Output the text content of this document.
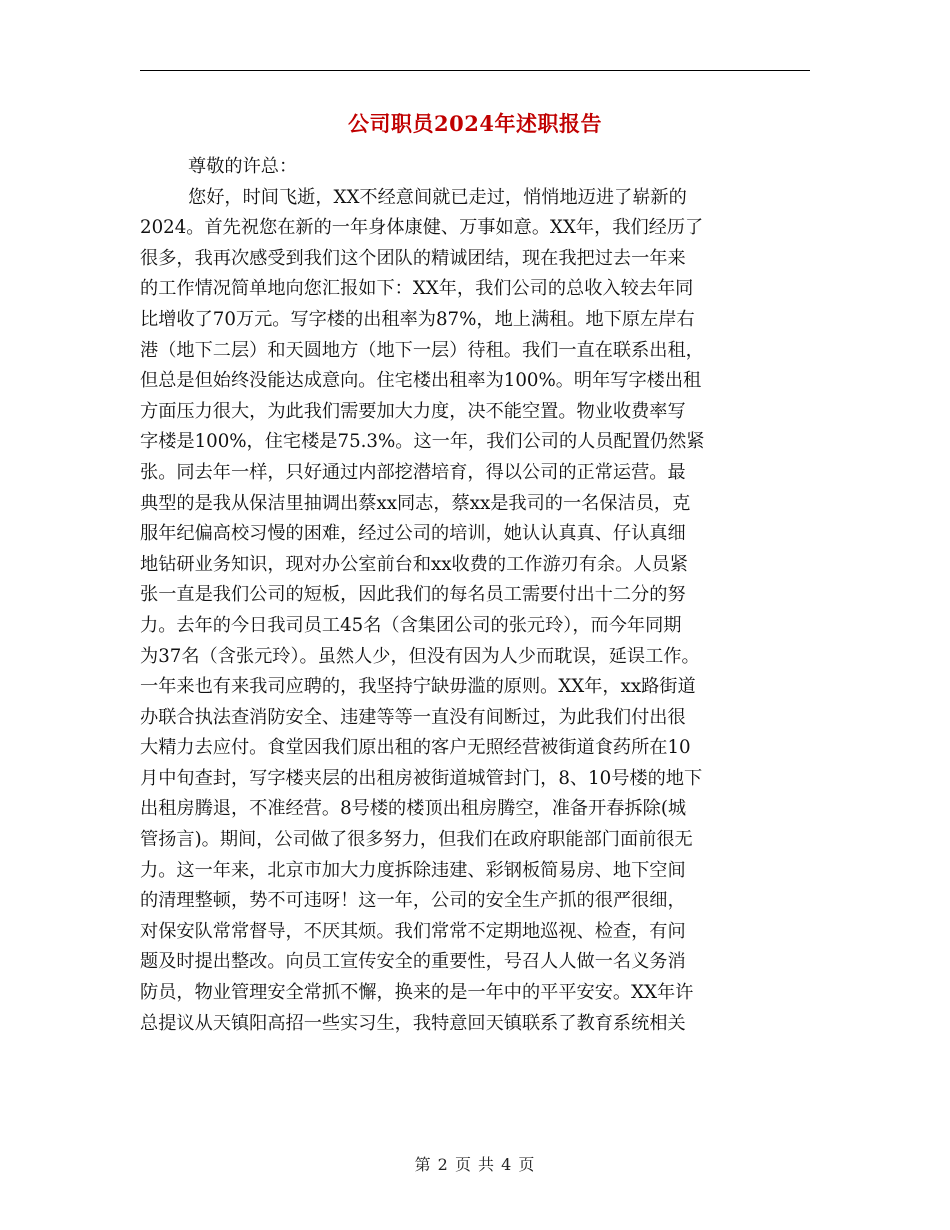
公司职员2024年述职报告
尊敬的许总：
您好，时间飞逝，XX不经意间就已走过，悄悄地迈进了崭新的
2024。首先祝您在新的一年身体康健、万事如意。XX年，我们经历了
很多，我再次感受到我们这个团队的精诚团结，现在我把过去一年来
的工作情况简单地向您汇报如下：XX年，我们公司的总收入较去年同
比增收了70万元。写字楼的出租率为87%，地上满租。地下原左岸右
港（地下二层）和天圆地方（地下一层）待租。我们一直在联系出租，
但总是但始终没能达成意向。住宅楼出租率为100%。明年写字楼出租
方面压力很大，为此我们需要加大力度，决不能空置。物业收费率写
字楼是100%，住宅楼是75.3%。这一年，我们公司的人员配置仍然紧
张。同去年一样，只好通过内部挖潜培育，得以公司的正常运营。最
典型的是我从保洁里抽调出蔡xx同志，蔡xx是我司的一名保洁员，克
服年纪偏高校习慢的困难，经过公司的培训，她认认真真、仔认真细
地钻研业务知识，现对办公室前台和xx收费的工作游刃有余。人员紧
张一直是我们公司的短板，因此我们的每名员工需要付出十二分的努
力。去年的今日我司员工45名（含集团公司的张元玲），而今年同期
为37名（含张元玲）。虽然人少，但没有因为人少而耽误，延误工作。
一年来也有来我司应聘的，我坚持宁缺毋滥的原则。XX年，xx路街道
办联合执法查消防安全、违建等等一直没有间断过，为此我们付出很
大精力去应付。食堂因我们原出租的客户无照经营被街道食药所在10
月中旬查封，写字楼夹层的出租房被街道城管封门，8、10号楼的地下
出租房腾退，不准经营。8号楼的楼顶出租房腾空，准备开春拆除(城
管扬言)。期间，公司做了很多努力，但我们在政府职能部门面前很无
力。这一年来，北京市加大力度拆除违建、彩钢板简易房、地下空间
的清理整顿，势不可违呀！这一年，公司的安全生产抓的很严很细，
对保安队常常督导，不厌其烦。我们常常不定期地巡视、检查，有问
题及时提出整改。向员工宣传安全的重要性，号召人人做一名义务消
防员，物业管理安全常抓不懈，换来的是一年中的平平安安。XX年许
总提议从天镇阳高招一些实习生，我特意回天镇联系了教育系统相关
第 2 页 共 4 页
